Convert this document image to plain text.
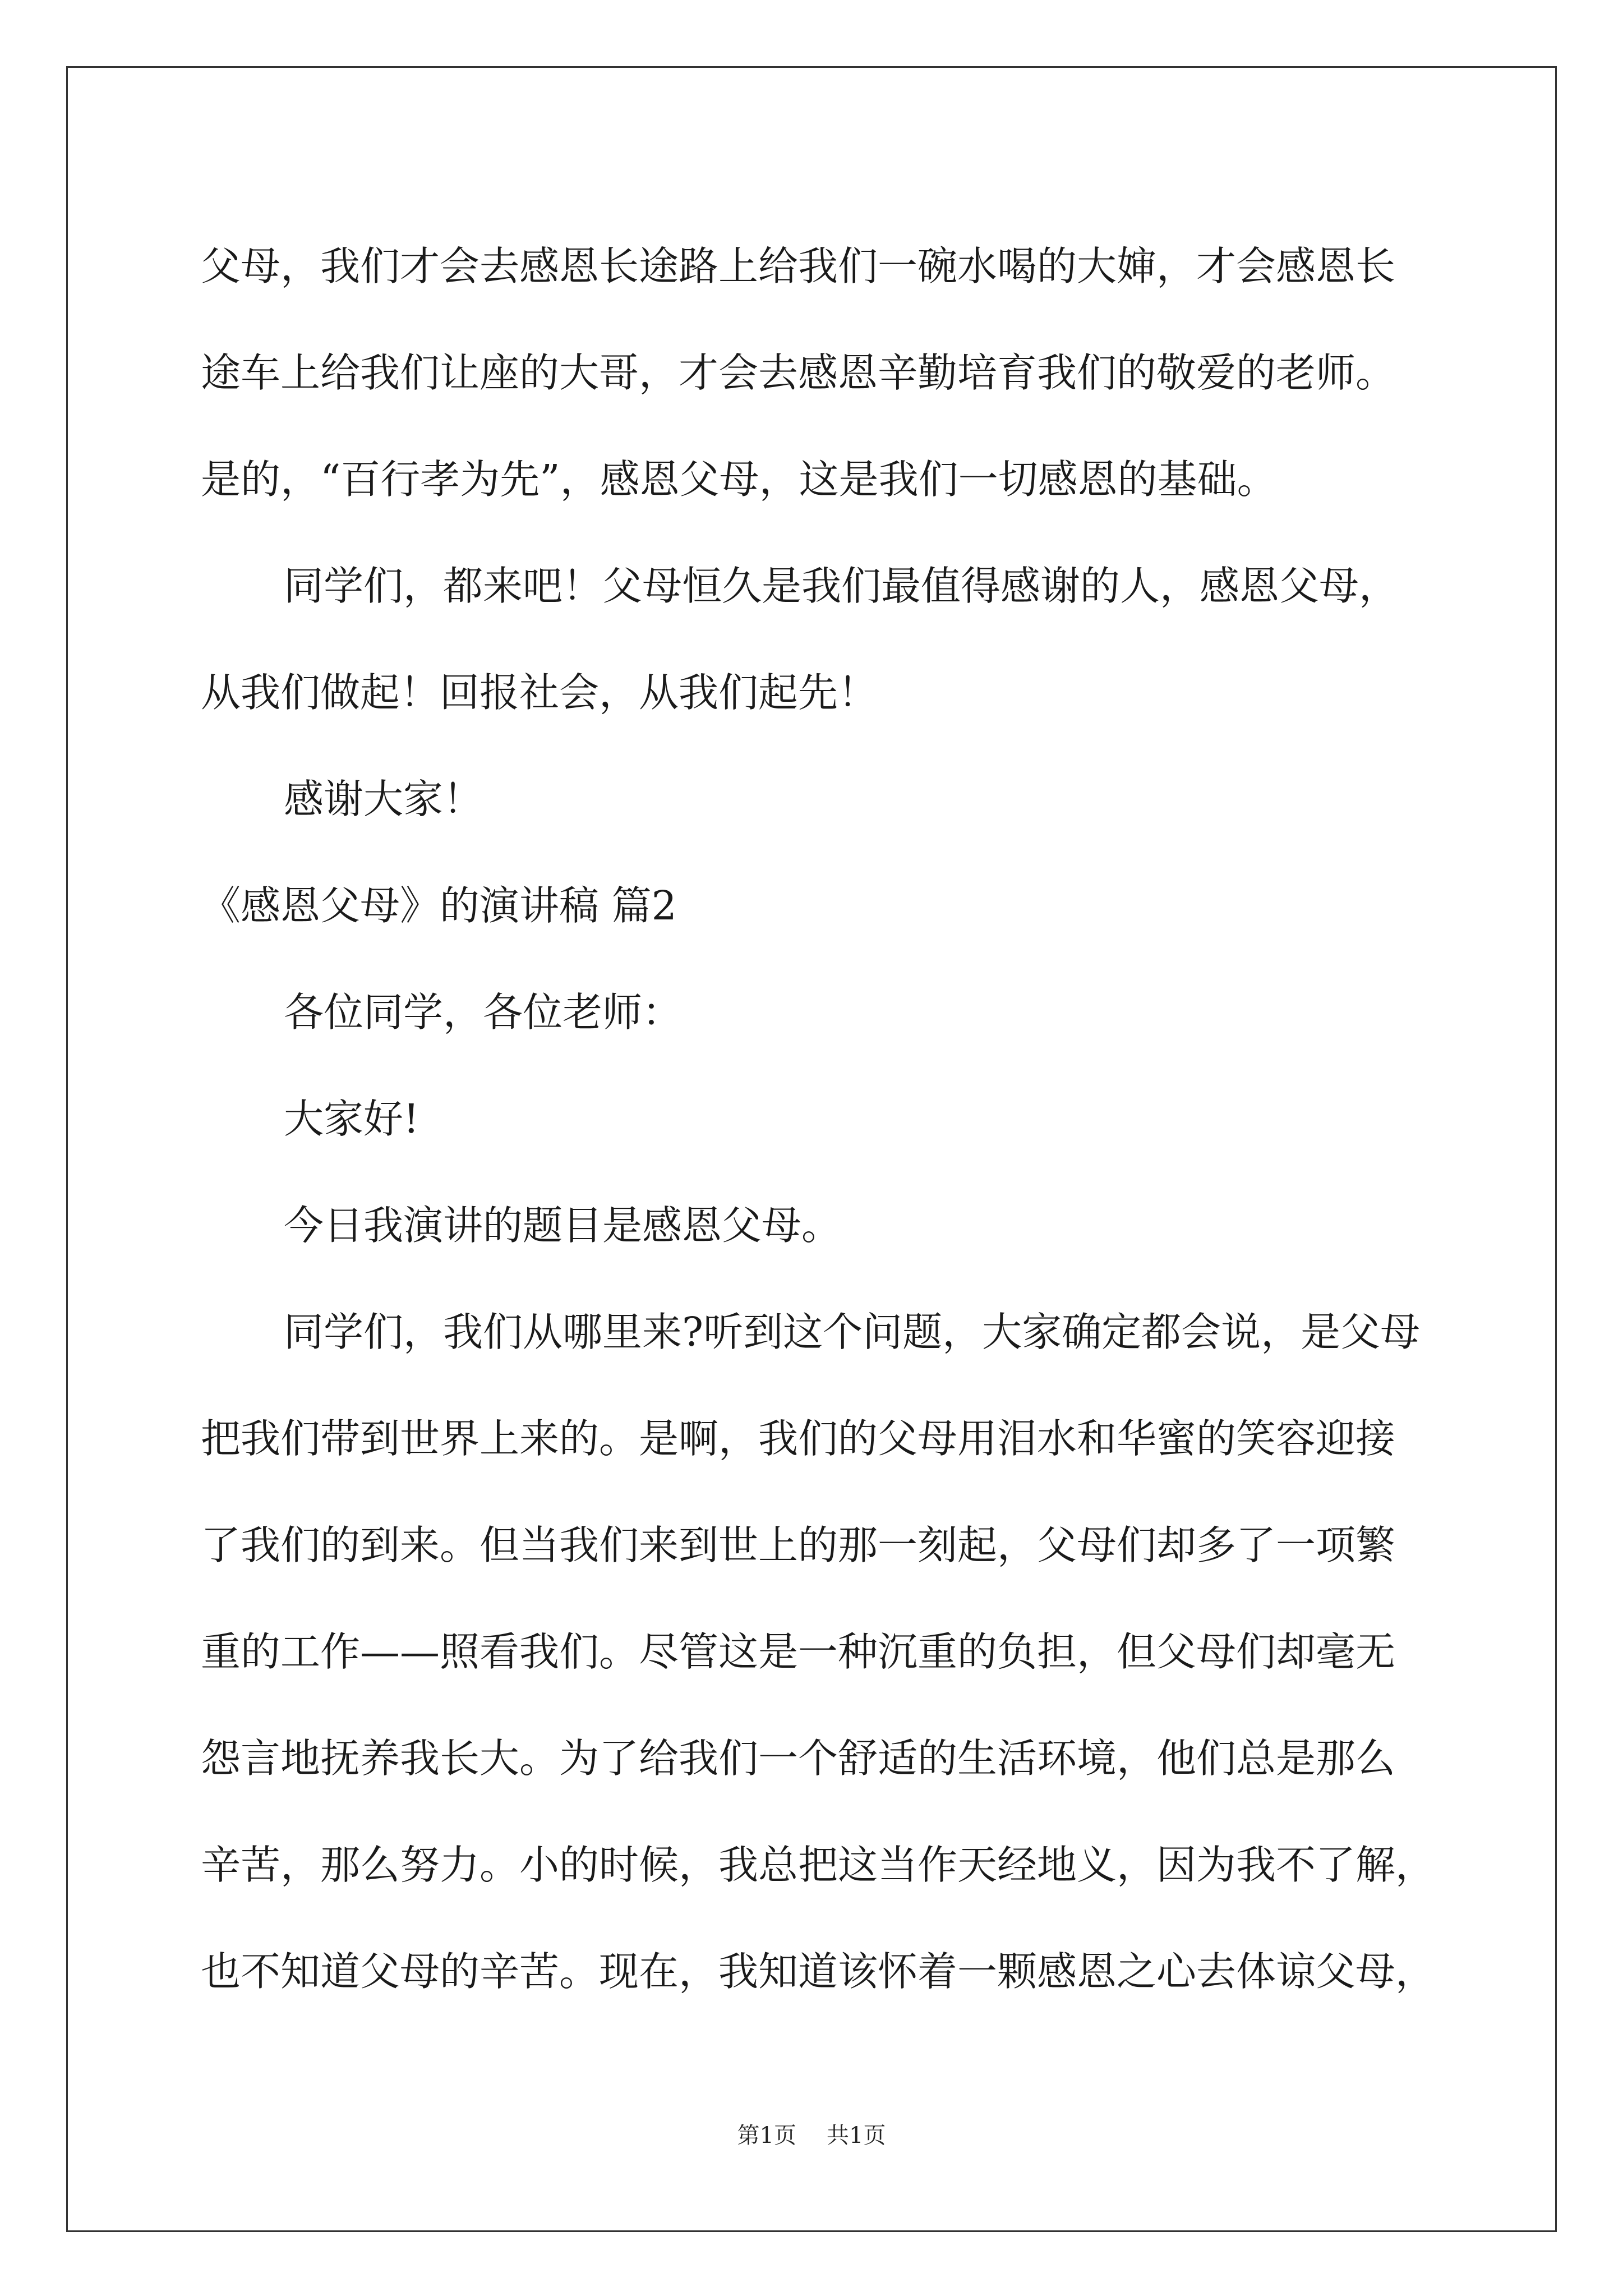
父母，我们才会去感恩长途路上给我们一碗水喝的大婶，才会感恩长
途车上给我们让座的大哥，才会去感恩辛勤培育我们的敬爱的老师。
是的，“百行孝为先”，感恩父母，这是我们一切感恩的基础。
同学们，都来吧！父母恒久是我们最值得感谢的人，感恩父母，
从我们做起！回报社会，从我们起先！
感谢大家！
《感恩父母》的演讲稿 篇2
各位同学，各位老师：
大家好!
今日我演讲的题目是感恩父母。
同学们，我们从哪里来?听到这个问题，大家确定都会说，是父母
把我们带到世界上来的。是啊，我们的父母用泪水和华蜜的笑容迎接
了我们的到来。但当我们来到世上的那一刻起，父母们却多了一项繁
重的工作——照看我们。尽管这是一种沉重的负担，但父母们却毫无
怨言地抚养我长大。为了给我们一个舒适的生活环境，他们总是那么
辛苦，那么努力。小的时候，我总把这当作天经地义，因为我不了解，
也不知道父母的辛苦。现在，我知道该怀着一颗感恩之心去体谅父母，
第1页 共1页
